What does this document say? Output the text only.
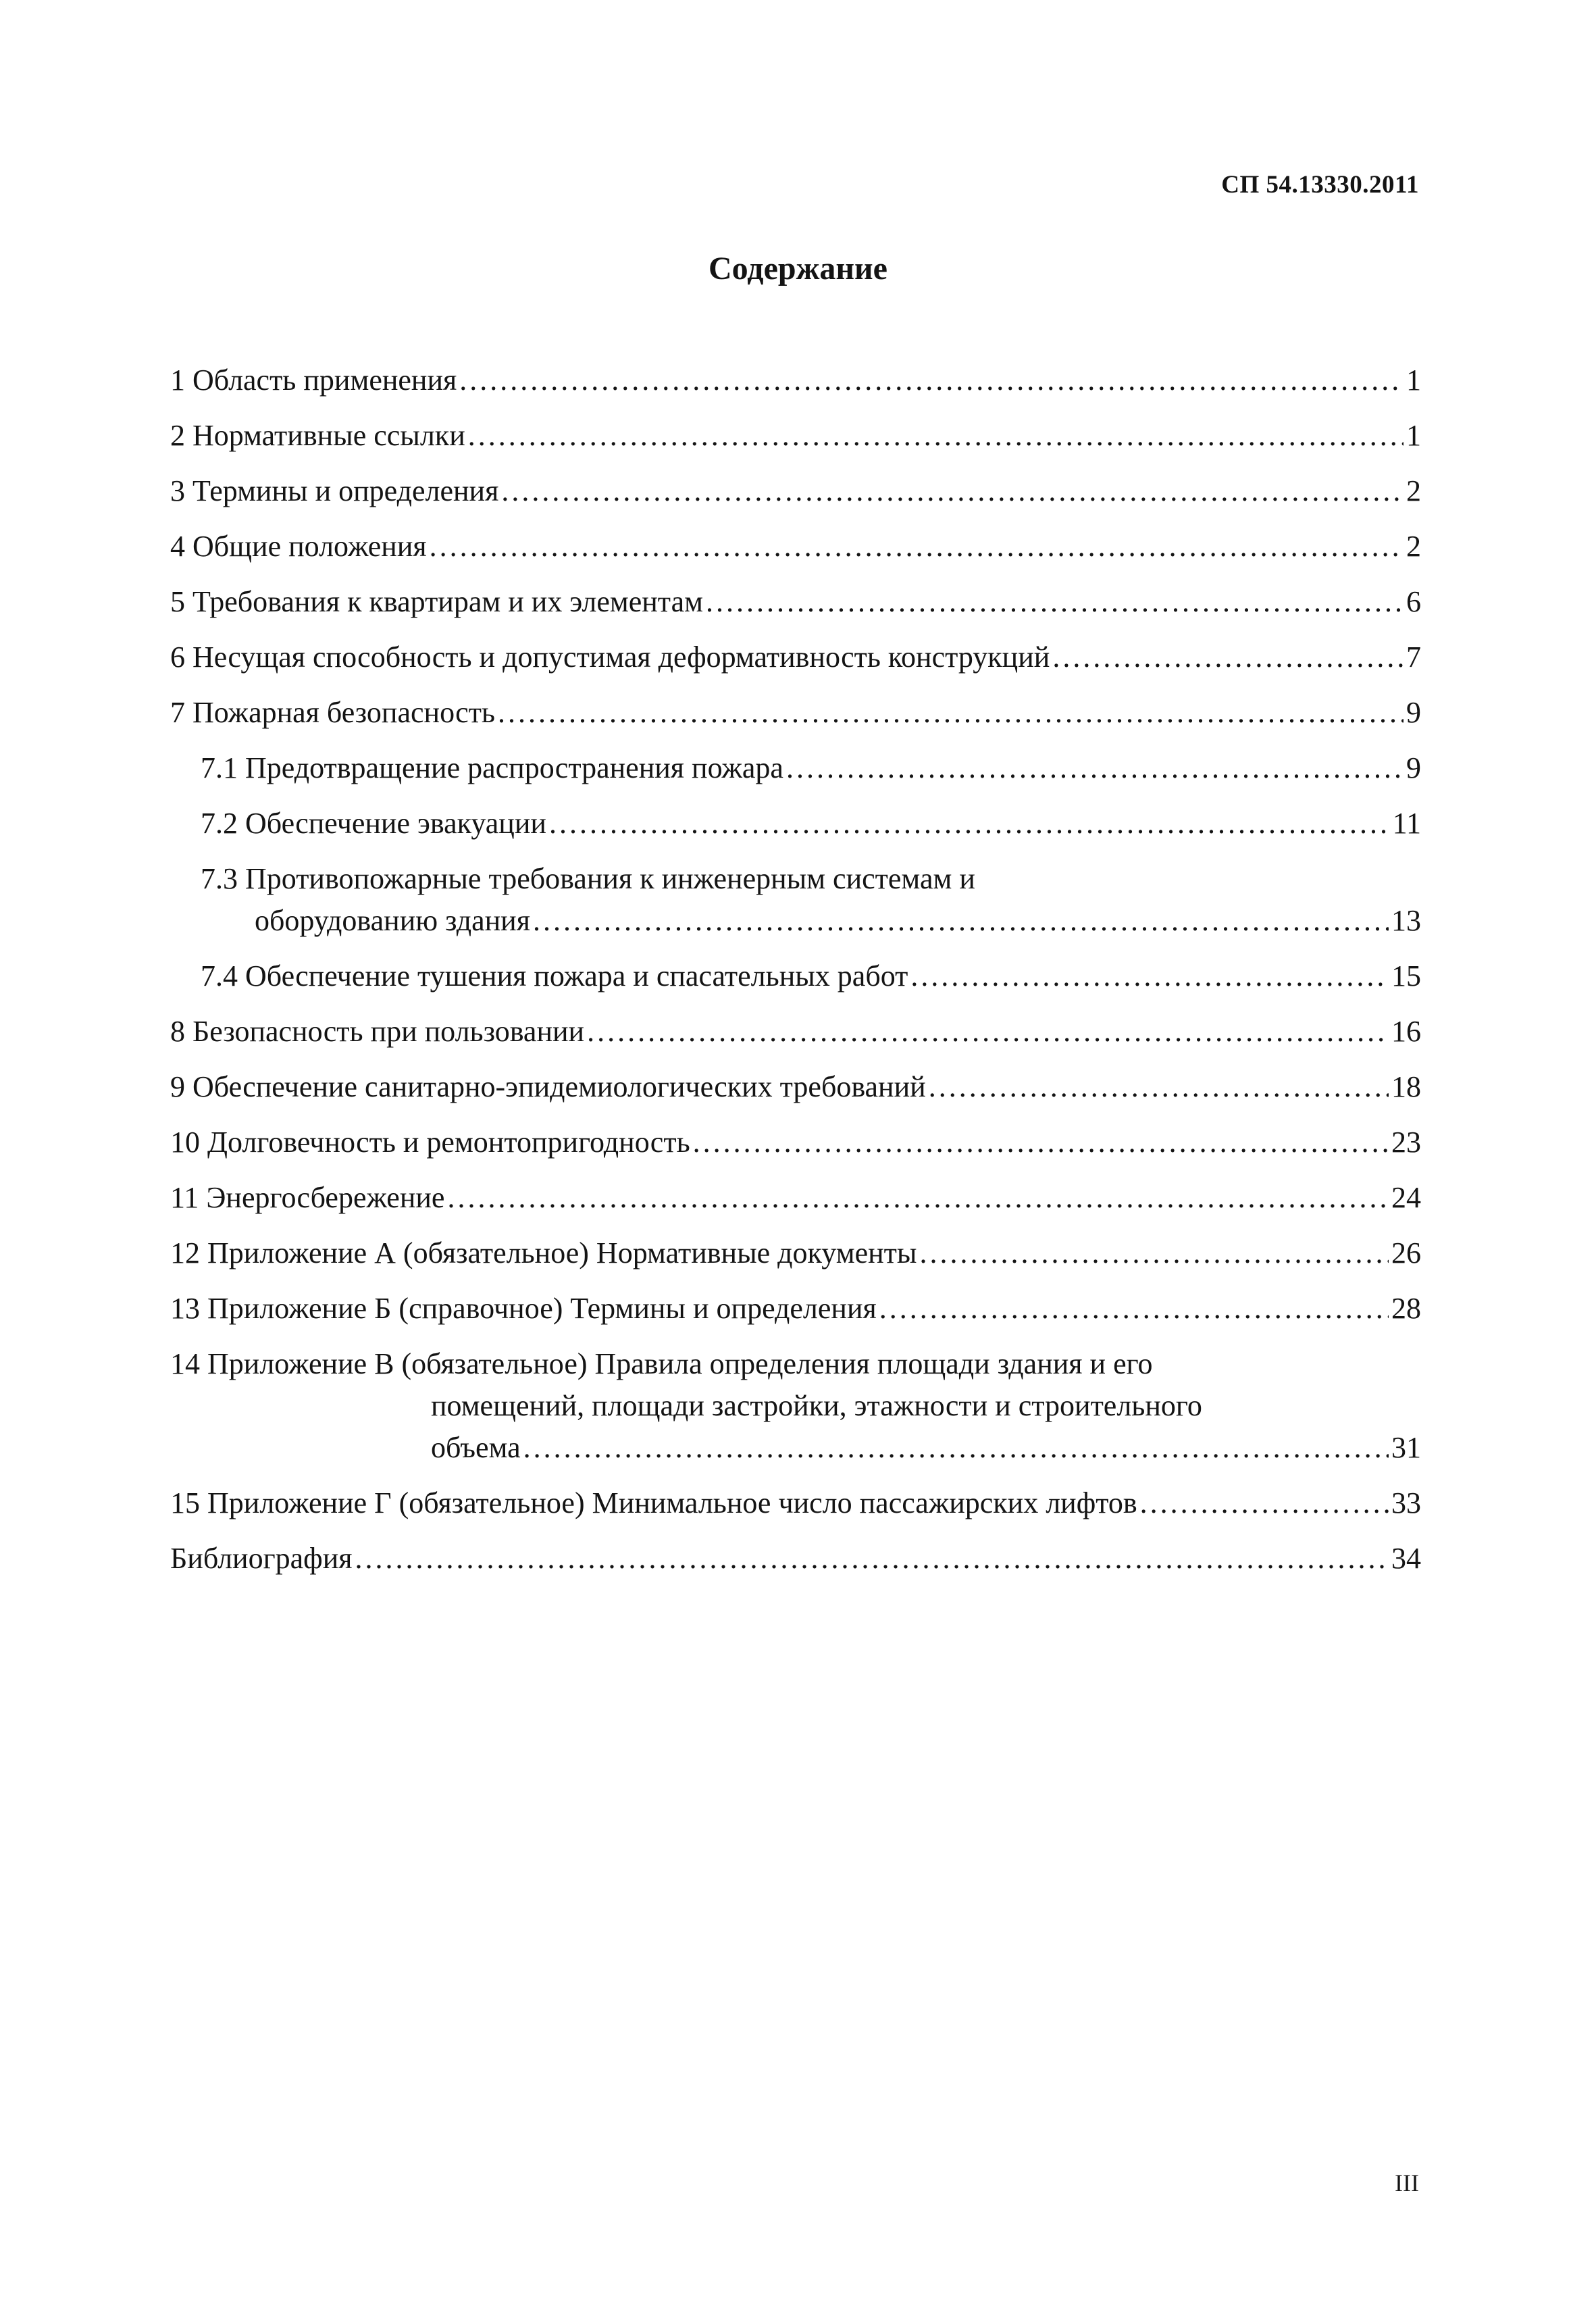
СП 54.13330.2011
Содержание
1 Область применения .....	1
2 Нормативные ссылки .....	1
3 Термины и определения .....	2
4 Общие положения .....	2
5 Требования к квартирам и их элементам .....	6
6 Несущая способность и допустимая деформативность конструкций .....	7
7 Пожарная безопасность .....	9
7.1 Предотвращение распространения пожара .....	9
7.2 Обеспечение эвакуации .....	11
7.3 Противопожарные требования к инженерным системам и
оборудованию здания .....	13
7.4 Обеспечение тушения пожара и спасательных работ .....	15
8 Безопасность при пользовании .....	16
9 Обеспечение санитарно-эпидемиологических требований .....	18
10 Долговечность и ремонтопригодность .....	23
11 Энергосбережение .....	24
12 Приложение А (обязательное) Нормативные документы .....	26
13 Приложение Б (справочное) Термины и определения .....	28
14 Приложение В (обязательное) Правила определения площади здания и его
помещений, площади застройки, этажности и строительного
объема .....	31
15 Приложение Г (обязательное) Минимальное число пассажирских лифтов .....	33
Библиография .....	34
III
